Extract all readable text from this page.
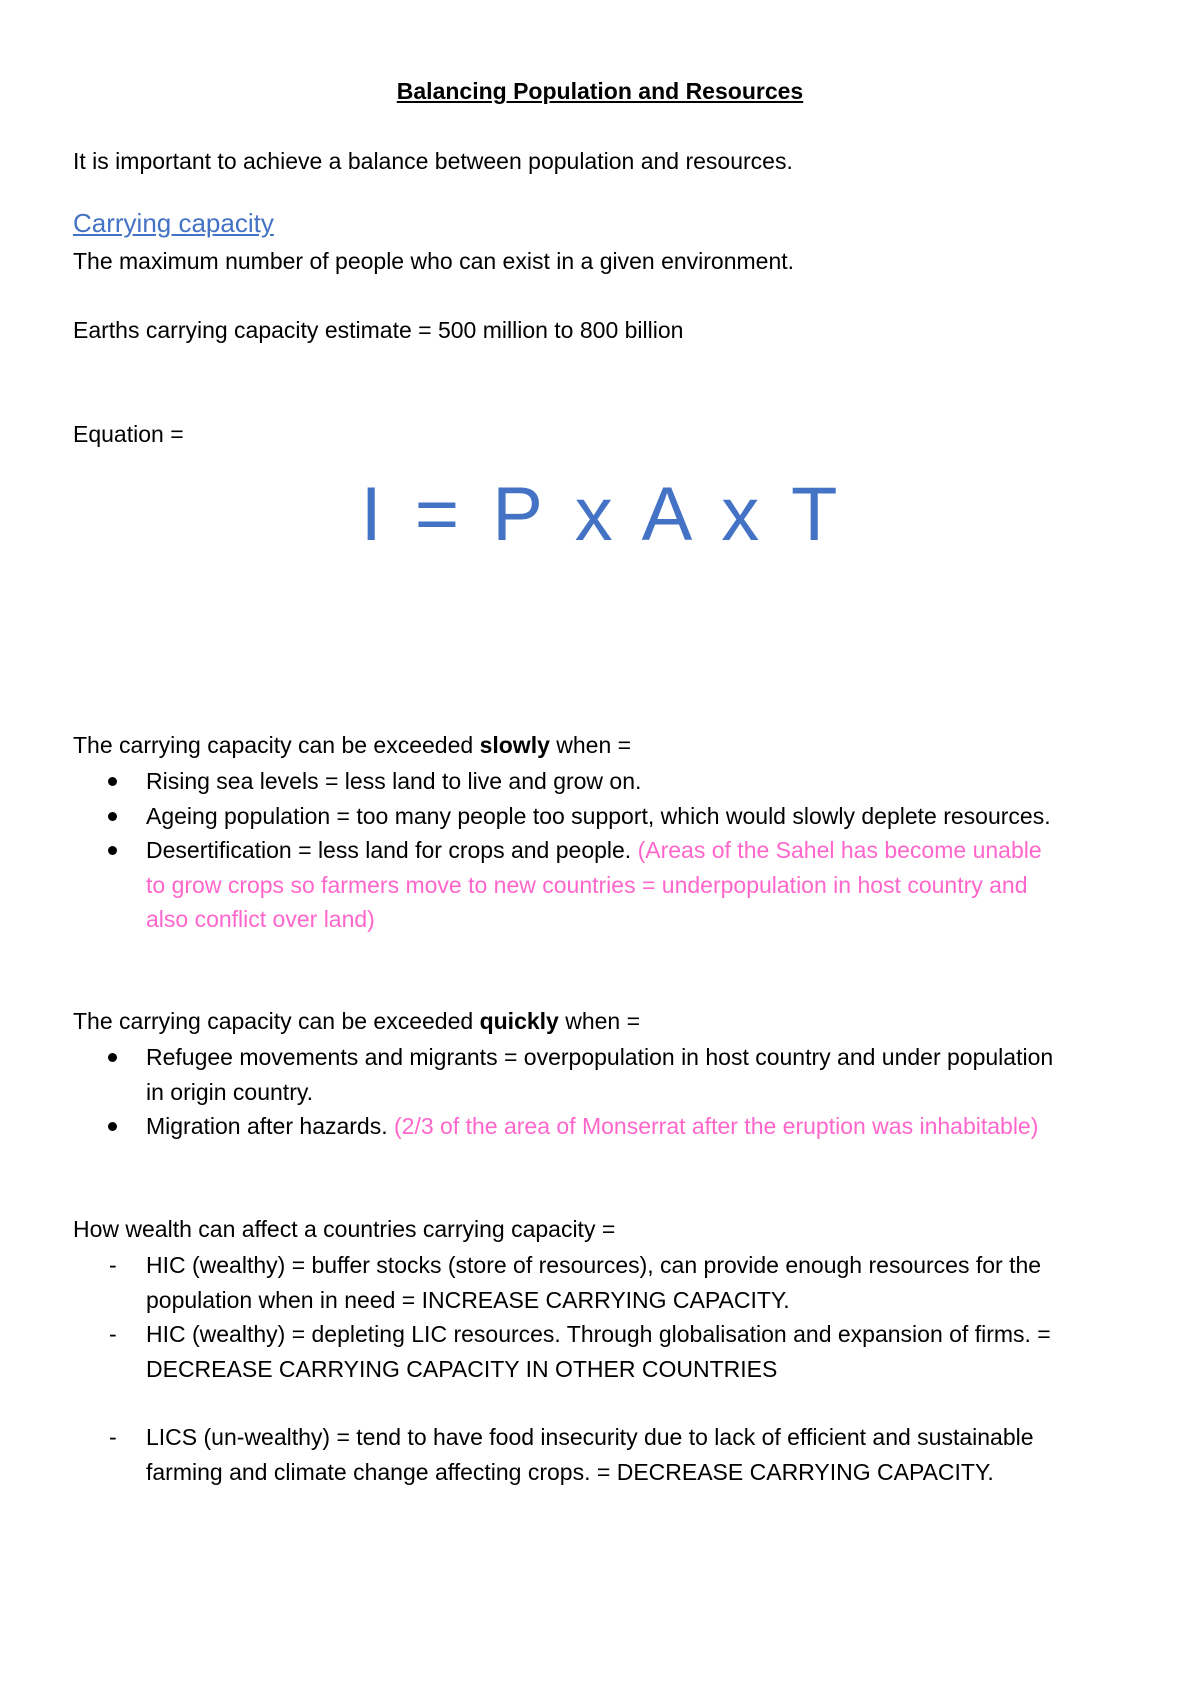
Balancing Population and Resources
It is important to achieve a balance between population and resources.
Carrying capacity
The maximum number of people who can exist in a given environment.
Earths carrying capacity estimate = 500 million to 800 billion
Equation =
I = P x A x T
The carrying capacity can be exceeded slowly when =
Rising sea levels = less land to live and grow on.
Ageing population = too many people too support, which would slowly deplete resources.
Desertification = less land for crops and people. (Areas of the Sahel has become unable to grow crops so farmers move to new countries = underpopulation in host country and also conflict over land)
The carrying capacity can be exceeded quickly when =
Refugee movements and migrants = overpopulation in host country and under population in origin country.
Migration after hazards. (2/3 of the area of Monserrat after the eruption was inhabitable)
How wealth can affect a countries carrying capacity =
- HIC (wealthy) = buffer stocks (store of resources), can provide enough resources for the population when in need = INCREASE CARRYING CAPACITY.
- HIC (wealthy) = depleting LIC resources. Through globalisation and expansion of firms. = DECREASE CARRYING CAPACITY IN OTHER COUNTRIES
- LICS (un-wealthy) = tend to have food insecurity due to lack of efficient and sustainable farming and climate change affecting crops. = DECREASE CARRYING CAPACITY.
